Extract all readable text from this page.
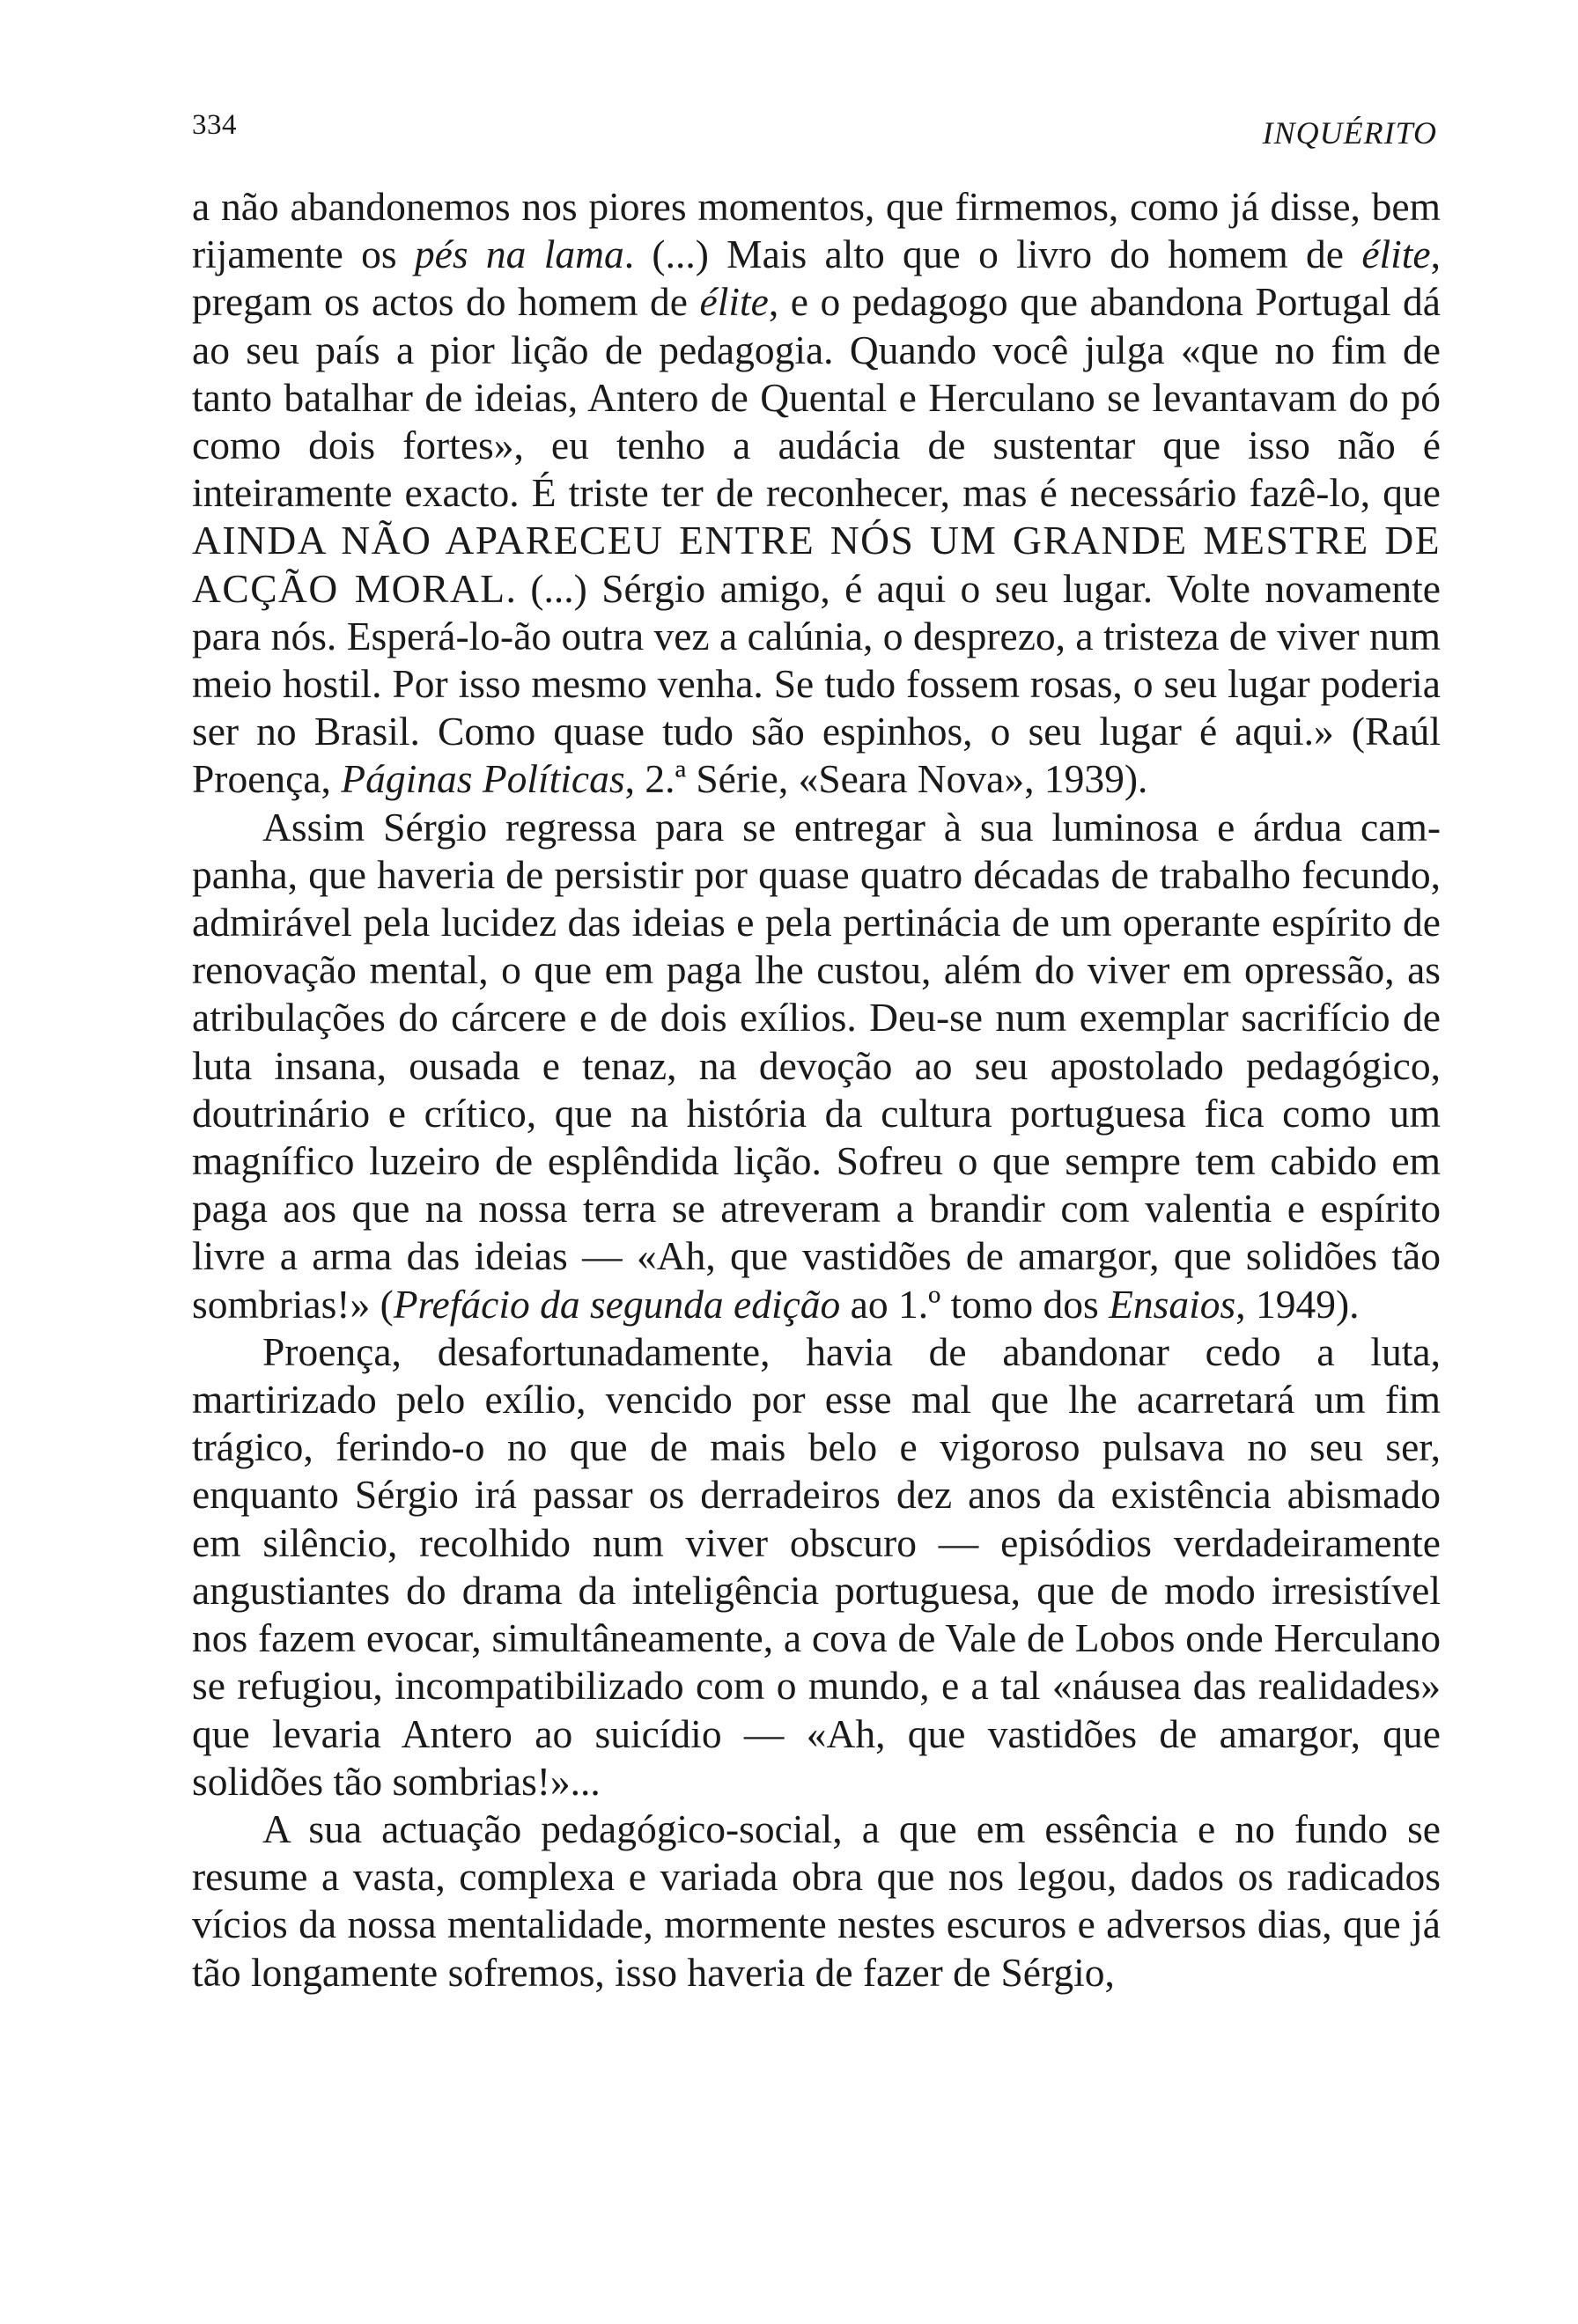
334	INQUÉRITO

a não abandonemos nos piores momentos, que firmemos, como já disse, bem rijamente os pés na lama. (...) Mais alto que o livro do homem de élite, pregam os actos do homem de élite, e o pedagogo que abandona Portugal dá ao seu país a pior lição de pedagogia. Quando você julga «que no fim de tanto batalhar de ideias, Antero de Quental e Herculano se levantavam do pó como dois fortes», eu tenho a audácia de sustentar que isso não é inteiramente exacto. É triste ter de reconhecer, mas é necessário fazê-lo, que AINDA NÃO APARECEU ENTRE NÓS UM GRANDE MESTRE DE ACÇÃO MORAL. (...) Sérgio amigo, é aqui o seu lugar. Volte novamente para nós. Esperá-lo-ão outra vez a calúnia, o desprezo, a tristeza de viver num meio hostil. Por isso mesmo venha. Se tudo fossem rosas, o seu lugar poderia ser no Brasil. Como quase tudo são espinhos, o seu lugar é aqui.» (Raúl Proença, Páginas Políticas, 2.ª Série, «Seara Nova», 1939).

Assim Sérgio regressa para se entregar à sua luminosa e árdua campanha, que haveria de persistir por quase quatro décadas de trabalho fecundo, admirável pela lucidez das ideias e pela pertinácia de um operante espírito de renovação mental, o que em paga lhe custou, além do viver em opressão, as atribulações do cárcere e de dois exílios. Deu-se num exemplar sacrifício de luta insana, ousada e tenaz, na devoção ao seu apostolado pedagógico, doutrinário e crítico, que na história da cultura portuguesa fica como um magnífico luzeiro de esplêndida lição. Sofreu o que sempre tem cabido em paga aos que na nossa terra se atreveram a brandir com valentia e espírito livre a arma das ideias — «Ah, que vastidões de amargor, que solidões tão sombrias!» (Prefácio da segunda edição ao 1.º tomo dos Ensaios, 1949).

Proença, desafortunadamente, havia de abandonar cedo a luta, martirizado pelo exílio, vencido por esse mal que lhe acarretará um fim trágico, ferindo-o no que de mais belo e vigoroso pulsava no seu ser, enquanto Sérgio irá passar os derradeiros dez anos da existência abismado em silêncio, recolhido num viver obscuro — episódios verdadeiramente angustiantes do drama da inteligência portuguesa, que de modo irresistível nos fazem evocar, simultâneamente, a cova de Vale de Lobos onde Herculano se refugiou, incompatibilizado com o mundo, e a tal «náusea das realidades» que levaria Antero ao suicídio — «Ah, que vastidões de amargor, que solidões tão sombrias!»...

A sua actuação pedagógico-social, a que em essência e no fundo se resume a vasta, complexa e variada obra que nos legou, dados os radicados vícios da nossa mentalidade, mormente nestes escuros e adversos dias, que já tão longamente sofremos, isso haveria de fazer de Sérgio,
